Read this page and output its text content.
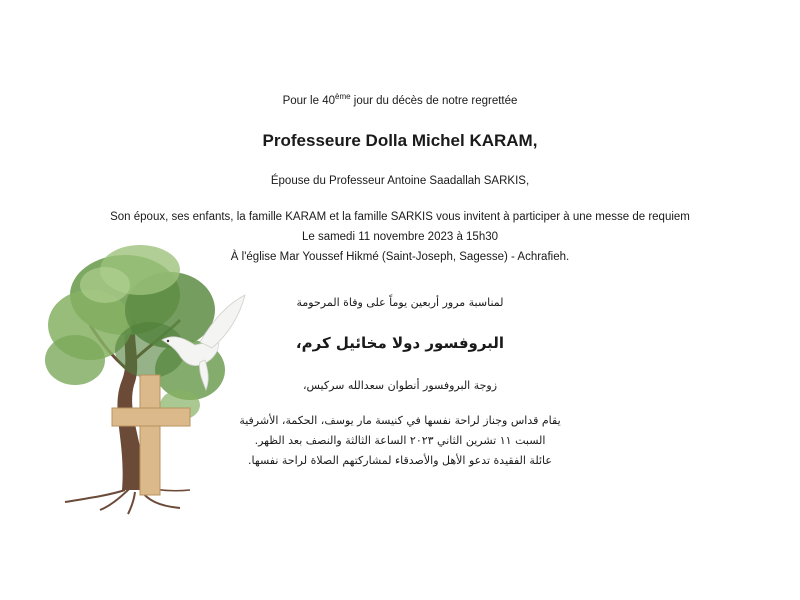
Pour le 40ème jour du décès de notre regrettée
Professeure Dolla Michel KARAM,
Épouse du Professeur Antoine Saadallah SARKIS,
Son époux, ses enfants, la famille KARAM et la famille SARKIS vous invitent à participer à une messe de requiem
Le samedi 11 novembre 2023 à 15h30
À l'église Mar Youssef Hikmé (Saint-Joseph, Sagesse) - Achrafieh.
لمناسبة مرور أربعين يوماً على وفاة المرحومة
البروفسور دولا مخائيل كرم،
زوجة البروفسور أنطوان سعدالله سركيس،
يقام قداس وجناز لراحة نفسها في كنيسة مار يوسف، الحكمة، الأشرفية
السبت ١١ تشرين الثاني ٢٠٢٣ الساعة الثالثة والنصف بعد الظهر.
عائلة الفقيدة تدعو الأهل والأصدقاء لمشاركتهم الصلاة لراحة نفسها.
